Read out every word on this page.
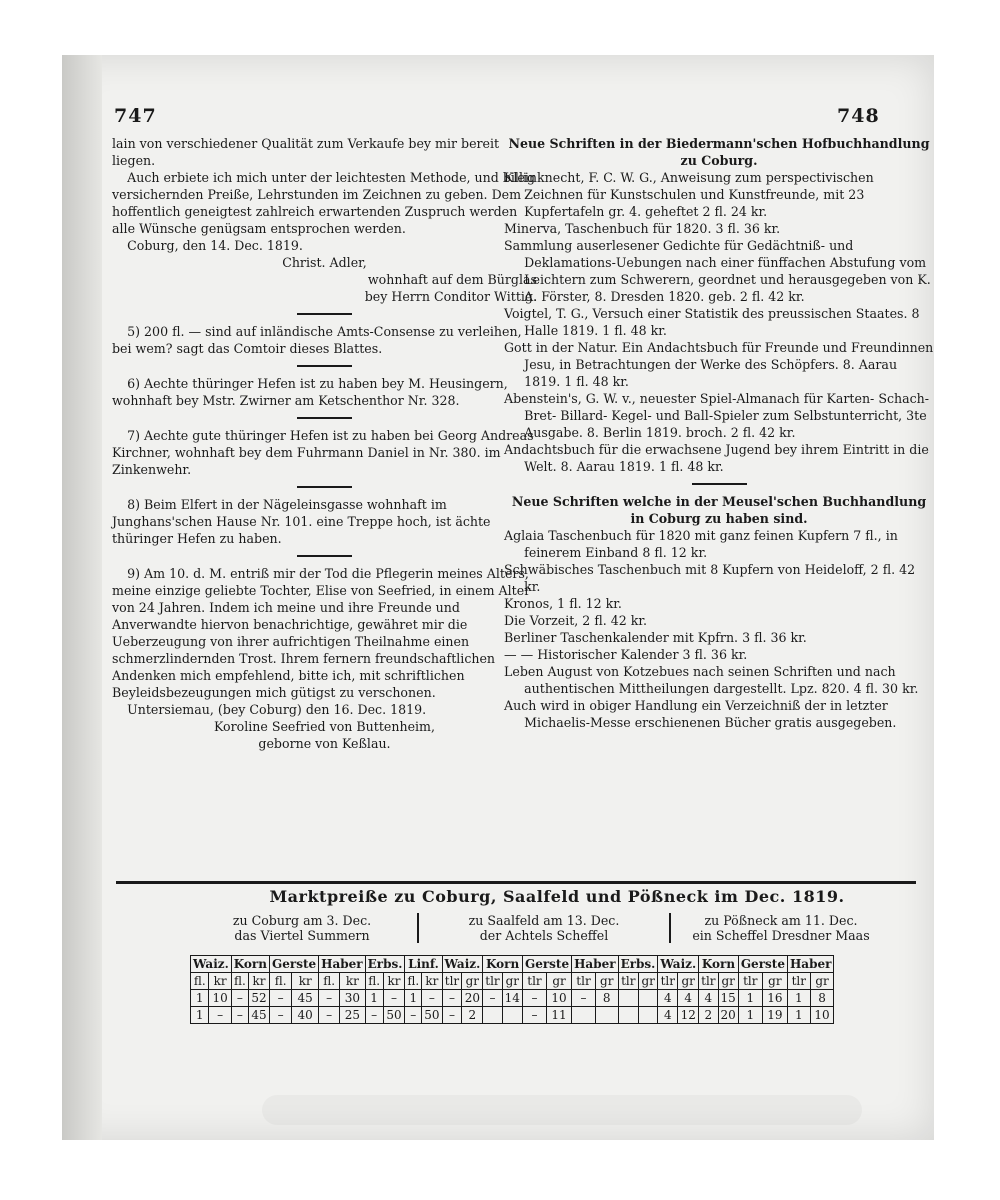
747	748

lain von verschiedener Qualität zum Verkaufe bey mir bereit liegen.

Auch erbiete ich mich unter der leichtesten Methode, und billig versichernden Preiße, Lehrstunden im Zeichnen zu geben. Dem hoffentlich geneigtest zahlreich erwartenden Zuspruch werden alle Wünsche genügsam entsprochen werden.

Coburg, den 14. Dec. 1819.

Christ. Adler,

wohnhaft auf dem Bürglas

bey Herrn Conditor Wittig.

5) 200 fl. — sind auf inländische Amts-Consense zu verleihen, bei wem? sagt das Comtoir dieses Blattes.

6) Aechte thüringer Hefen ist zu haben bey M. Heusingern, wohnhaft bey Mstr. Zwirner am Ketschenthor Nr. 328.

7) Aechte gute thüringer Hefen ist zu haben bei Georg Andreas Kirchner, wohnhaft bey dem Fuhrmann Daniel in Nr. 380. im Zinkenwehr.

8) Beim Elfert in der Nägeleinsgasse wohnhaft im Junghans'schen Hause Nr. 101. eine Treppe hoch, ist ächte thüringer Hefen zu haben.

9) Am 10. d. M. entriß mir der Tod die Pflegerin meines Alters, meine einzige geliebte Tochter, Elise von Seefried, in einem Alter von 24 Jahren. Indem ich meine und ihre Freunde und Anverwandte hiervon benachrichtige, gewähret mir die Ueberzeugung von ihrer aufrichtigen Theilnahme einen schmerzlindernden Trost. Ihrem fernern freundschaftlichen Andenken mich empfehlend, bitte ich, mit schriftlichen Beyleidsbezeugungen mich gütigst zu verschonen.

Untersiemau, (bey Coburg) den 16. Dec. 1819.

Koroline Seefried von Buttenheim,

geborne von Keßlau.

Neue Schriften in der Biedermann'schen Hofbuchhandlung zu Coburg.

Kleinknecht, F. C. W. G., Anweisung zum perspectivischen Zeichnen für Kunstschulen und Kunstfreunde, mit 23 Kupfertafeln gr. 4. geheftet 2 fl. 24 kr.

Minerva, Taschenbuch für 1820. 3 fl. 36 kr.

Sammlung auserlesener Gedichte für Gedächtniß- und Deklamations-Uebungen nach einer fünffachen Abstufung vom Leichtern zum Schwerern, geordnet und herausgegeben von K. A. Förster, 8. Dresden 1820. geb. 2 fl. 42 kr.

Voigtel, T. G., Versuch einer Statistik des preussischen Staates. 8 Halle 1819. 1 fl. 48 kr.

Gott in der Natur. Ein Andachtsbuch für Freunde und Freundinnen Jesu, in Betrachtungen der Werke des Schöpfers. 8. Aarau 1819. 1 fl. 48 kr.

Abenstein's, G. W. v., neuester Spiel-Almanach für Karten- Schach- Bret- Billard- Kegel- und Ball-Spieler zum Selbstunterricht, 3te Ausgabe. 8. Berlin 1819. broch. 2 fl. 42 kr.

Andachtsbuch für die erwachsene Jugend bey ihrem Eintritt in die Welt. 8. Aarau 1819. 1 fl. 48 kr.

Neue Schriften welche in der Meusel'schen Buchhandlung in Coburg zu haben sind.

Aglaia Taschenbuch für 1820 mit ganz feinen Kupfern 7 fl., in feinerem Einband 8 fl. 12 kr.

Schwäbisches Taschenbuch mit 8 Kupfern von Heideloff, 2 fl. 42 kr.

Kronos, 1 fl. 12 kr.

Die Vorzeit, 2 fl. 42 kr.

Berliner Taschenkalender mit Kpfrn. 3 fl. 36 kr.

— — Historischer Kalender 3 fl. 36 kr.

Leben August von Kotzebues nach seinen Schriften und nach authentischen Mittheilungen dargestellt. Lpz. 820. 4 fl. 30 kr.

Auch wird in obiger Handlung ein Verzeichniß der in letzter Michaelis-Messe erschienenen Bücher gratis ausgegeben.

Marktpreiße zu Coburg, Saalfeld und Pößneck im Dec. 1819.
zu Coburg am 3. Dec.
das Viertel Summern
zu Saalfeld am 13. Dec.
der Achtels Scheffel
zu Pößneck am 11. Dec.
ein Scheffel Dresdner Maas
Waiz.		Korn		Gerste		Haber		Erbs.		Linf.		Waiz.		Korn		Gerste		Haber		Erbs.		Waiz.		Korn		Gerste		Haber	
fl.	kr	fl.	kr	fl.	kr	fl.	kr	fl.	kr	fl.	kr	tlr	gr	tlr	gr	tlr	gr	tlr	gr	tlr	gr	tlr	gr	tlr	gr	tlr	gr	tlr	gr
1	10	–	52	–	45	–	30	1	–	1	–	–	20	–	14	–	10	–	8			4	4	4	15	1	16	1	8
1	–	–	45	–	40	–	25	–	50	–	50	–	2			–	11					4	12	2	20	1	19	1	10
